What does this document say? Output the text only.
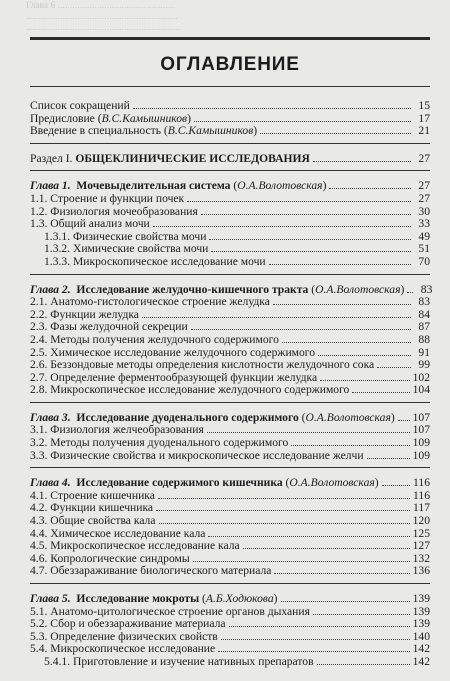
Глава 6 ................................................
..............................................................
...............................................................
ОГЛАВЛЕНИЕ
Список сокращений	15
Предисловие (В.С.Камышников)	17
Введение в специальность (В.С.Камышников)	21
Раздел I. ОБЩЕКЛИНИЧЕСКИЕ ИССЛЕДОВАНИЯ	27
Глава 1. Мочевыделительная система (О.А.Волотовская)	27
1.1. Строение и функции почек	27
1.2. Физиология мочеобразования	30
1.3. Общий анализ мочи	33
1.3.1. Физические свойства мочи	49
1.3.2. Химические свойства мочи	51
1.3.3. Микроскопическое исследование мочи	70
Глава 2. Исследование желудочно-кишечного тракта (О.А.Волотовская)	83
2.1. Анатомо-гистологическое строение желудка	83
2.2. Функции желудка	84
2.3. Фазы желудочной секреции	87
2.4. Методы получения желудочного содержимого	88
2.5. Химическое исследование желудочного содержимого	91
2.6. Беззондовые методы определения кислотности желудочного сока	99
2.7. Определение ферментообразующей функции желудка	102
2.8. Микроскопическое исследование желудочного содержимого	104
Глава 3. Исследование дуоденального содержимого (О.А.Волотовская) 107
3.1. Физиология желчеобразования	107
3.2. Методы получения дуоденального содержимого	109
3.3. Физические свойства и микроскопическое исследование желчи	109
Глава 4. Исследование содержимого кишечника (О.А.Волотовская)	116
4.1. Строение кишечника	116
4.2. Функции кишечника	117
4.3. Общие свойства кала	120
4.4. Химическое исследование кала	125
4.5. Микроскопическое исследование кала	127
4.6. Копрологические синдромы	132
4.7. Обеззараживание биологического материала	136
Глава 5. Исследование мокроты (А.Б.Ходюкова)	139
5.1. Анатомо-цитологическое строение органов дыхания	139
5.2. Сбор и обеззараживание материала	139
5.3. Определение физических свойств	140
5.4. Микроскопическое исследование	142
5.4.1. Приготовление и изучение нативных препаратов	142
